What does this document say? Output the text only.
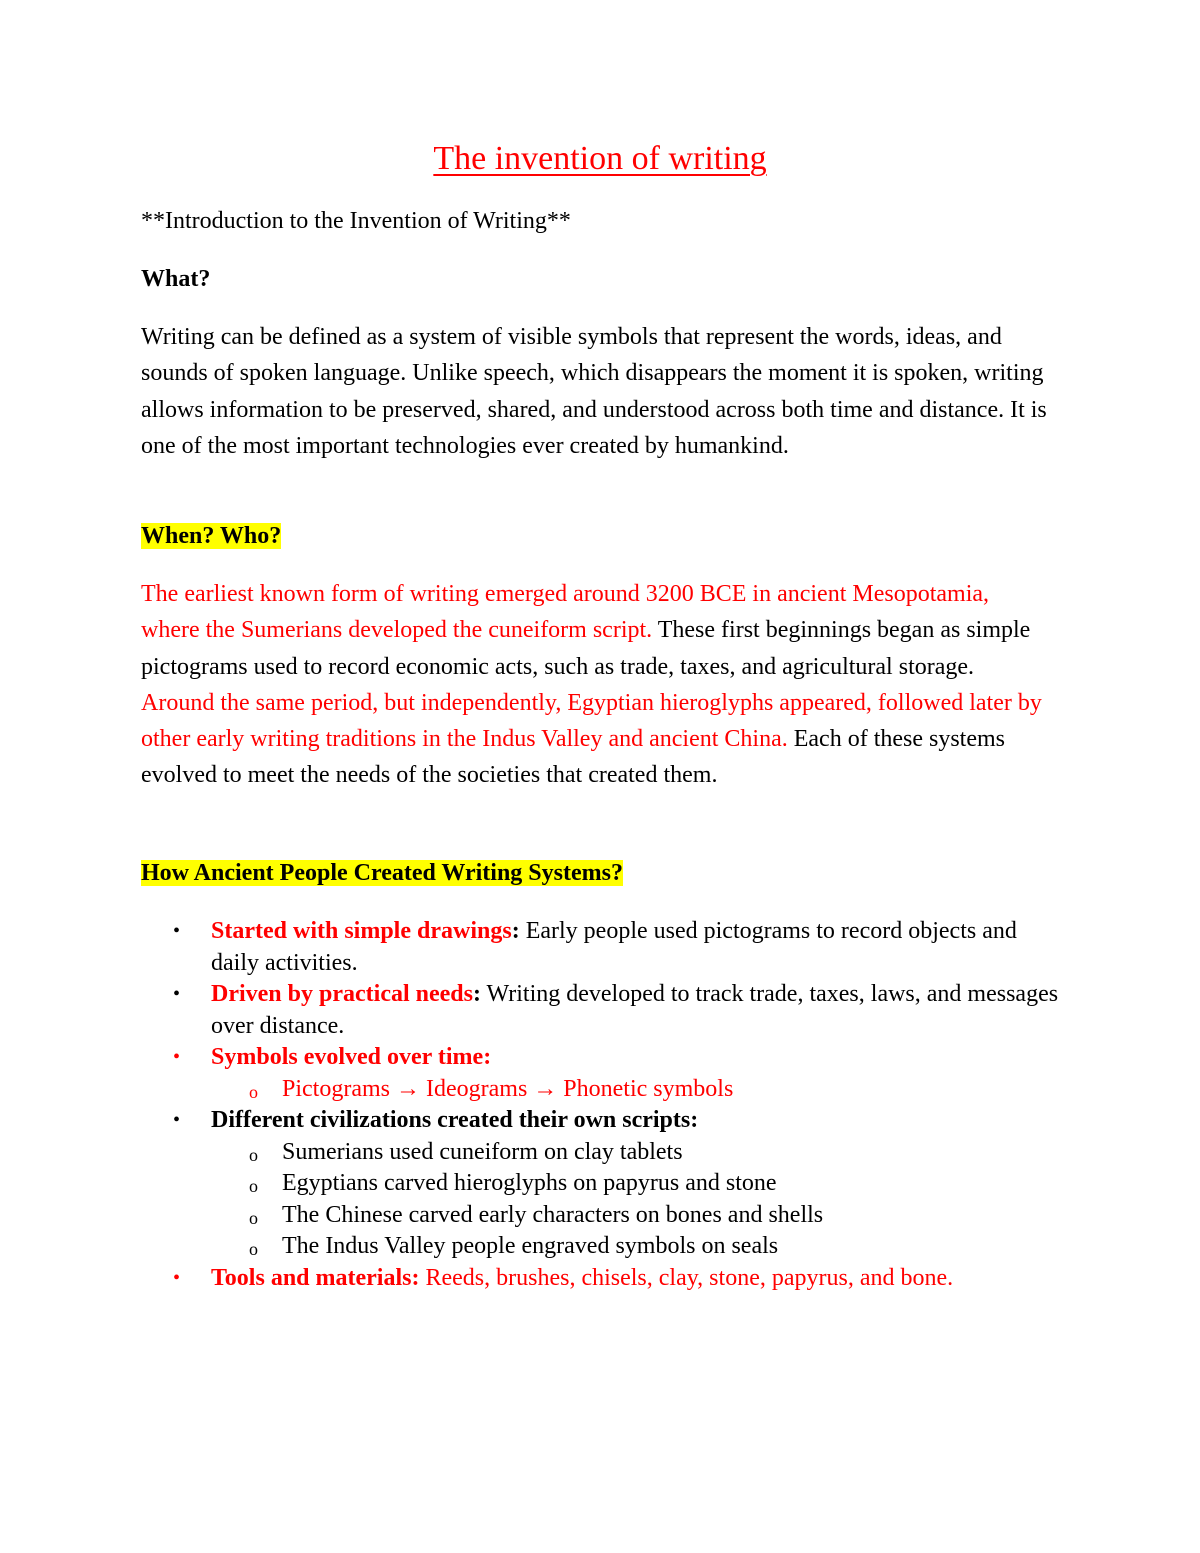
The invention of writing
**Introduction to the Invention of Writing**
What?
Writing can be defined as a system of visible symbols that represent the words, ideas, and sounds of spoken language. Unlike speech, which disappears the moment it is spoken, writing allows information to be preserved, shared, and understood across both time and distance. It is one of the most important technologies ever created by humankind.
When? Who?
The earliest known form of writing emerged around 3200 BCE in ancient Mesopotamia, where the Sumerians developed the cuneiform script. These first beginnings began as simple pictograms used to record economic acts, such as trade, taxes, and agricultural storage. Around the same period, but independently, Egyptian hieroglyphs appeared, followed later by other early writing traditions in the Indus Valley and ancient China. Each of these systems evolved to meet the needs of the societies that created them.
How Ancient People Created Writing Systems?
• Started with simple drawings: Early people used pictograms to record objects and daily activities.
• Driven by practical needs: Writing developed to track trade, taxes, laws, and messages over distance.
• Symbols evolved over time:
o Pictograms → Ideograms → Phonetic symbols
• Different civilizations created their own scripts:
o Sumerians used cuneiform on clay tablets
o Egyptians carved hieroglyphs on papyrus and stone
o The Chinese carved early characters on bones and shells
o The Indus Valley people engraved symbols on seals
• Tools and materials: Reeds, brushes, chisels, clay, stone, papyrus, and bone.
